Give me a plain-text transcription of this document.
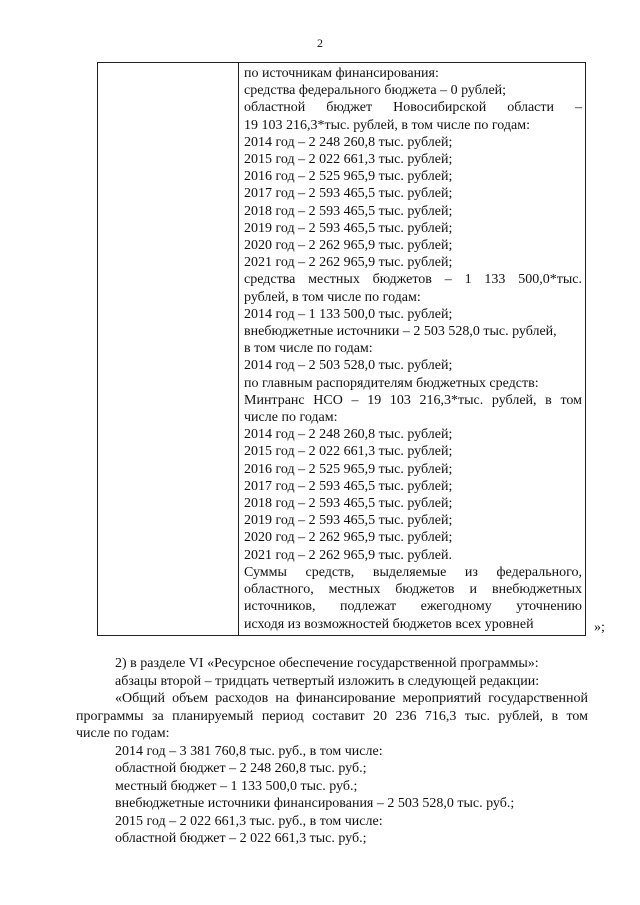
2
по источникам финансирования:
средства федерального бюджета – 0 рублей;
областной бюджет Новосибирской области –
19 103 216,3*тыс. рублей, в том числе по годам:
2014 год – 2 248 260,8 тыс. рублей;
2015 год – 2 022 661,3 тыс. рублей;
2016 год – 2 525 965,9 тыс. рублей;
2017 год – 2 593 465,5 тыс. рублей;
2018 год – 2 593 465,5 тыс. рублей;
2019 год – 2 593 465,5 тыс. рублей;
2020 год – 2 262 965,9 тыс. рублей;
2021 год – 2 262 965,9 тыс. рублей;
средства местных бюджетов – 1 133 500,0*тыс.
рублей, в том числе по годам:
2014 год – 1 133 500,0 тыс. рублей;
внебюджетные источники – 2 503 528,0 тыс. рублей,
в том числе по годам:
2014 год – 2 503 528,0 тыс. рублей;
по главным распорядителям бюджетных средств:
Минтранс НСО – 19 103 216,3*тыс. рублей, в том
числе по годам:
2014 год – 2 248 260,8 тыс. рублей;
2015 год – 2 022 661,3 тыс. рублей;
2016 год – 2 525 965,9 тыс. рублей;
2017 год – 2 593 465,5 тыс. рублей;
2018 год – 2 593 465,5 тыс. рублей;
2019 год – 2 593 465,5 тыс. рублей;
2020 год – 2 262 965,9 тыс. рублей;
2021 год – 2 262 965,9 тыс. рублей.
Суммы средств, выделяемые из федерального,
областного, местных бюджетов и внебюджетных
источников, подлежат ежегодному уточнению
исходя из возможностей бюджетов всех уровней	»;
2) в разделе VI «Ресурсное обеспечение государственной программы»:
абзацы второй – тридцать четвертый изложить в следующей редакции:
«Общий объем расходов на финансирование мероприятий государственной
программы за планируемый период составит 20 236 716,3 тыс. рублей, в том
числе по годам:
2014 год – 3 381 760,8 тыс. руб., в том числе:
областной бюджет – 2 248 260,8 тыс. руб.;
местный бюджет – 1 133 500,0 тыс. руб.;
внебюджетные источники финансирования – 2 503 528,0 тыс. руб.;
2015 год – 2 022 661,3 тыс. руб., в том числе:
областной бюджет – 2 022 661,3 тыс. руб.;
